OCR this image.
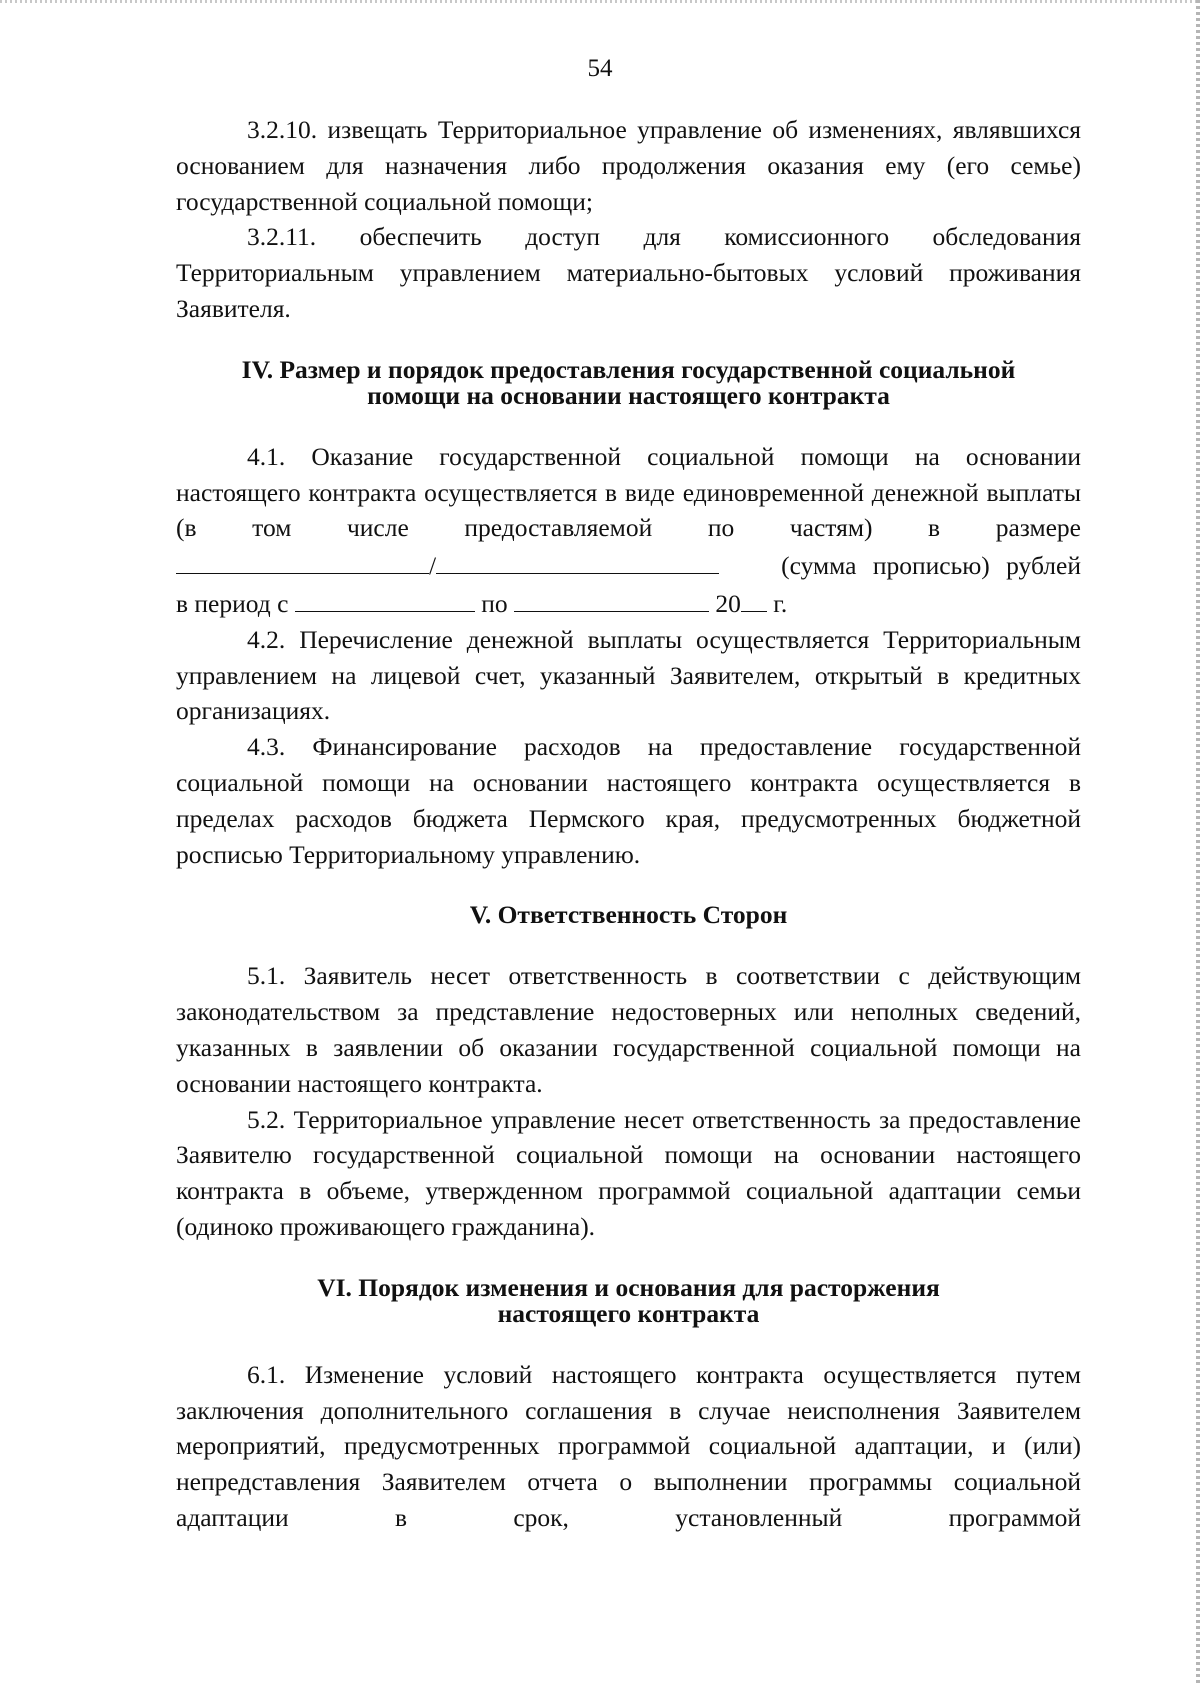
54

3.2.10. извещать Территориальное управление об изменениях, являвшихся основанием для назначения либо продолжения оказания ему (его семье) государственной социальной помощи;

3.2.11. обеспечить доступ для комиссионного обследования Территориальным управлением материально-бытовых условий проживания Заявителя.

IV. Размер и порядок предоставления государственной социальной

помощи на основании настоящего контракта

4.1. Оказание государственной социальной помощи на основании настоящего контракта осуществляется в виде единовременной денежной выплаты (в том числе предоставляемой по частям) в размере

/	(сумма прописью) рублей
в период с	по	20 г.

4.2. Перечисление денежной выплаты осуществляется Территориальным управлением на лицевой счет, указанный Заявителем, открытый в кредитных организациях.

4.3. Финансирование расходов на предоставление государственной социальной помощи на основании настоящего контракта осуществляется в пределах расходов бюджета Пермского края, предусмотренных бюджетной росписью Территориальному управлению.

V. Ответственность Сторон

5.1. Заявитель несет ответственность в соответствии с действующим законодательством за представление недостоверных или неполных сведений, указанных в заявлении об оказании государственной социальной помощи на основании настоящего контракта.

5.2. Территориальное управление несет ответственность за предоставление Заявителю государственной социальной помощи на основании настоящего контракта в объеме, утвержденном программой социальной адаптации семьи (одиноко проживающего гражданина).

VI. Порядок изменения и основания для расторжения

настоящего контракта

6.1. Изменение условий настоящего контракта осуществляется путем заключения дополнительного соглашения в случае неисполнения Заявителем мероприятий, предусмотренных программой социальной адаптации, и (или) непредставления Заявителем отчета о выполнении программы социальной адаптации в срок, установленный программой
